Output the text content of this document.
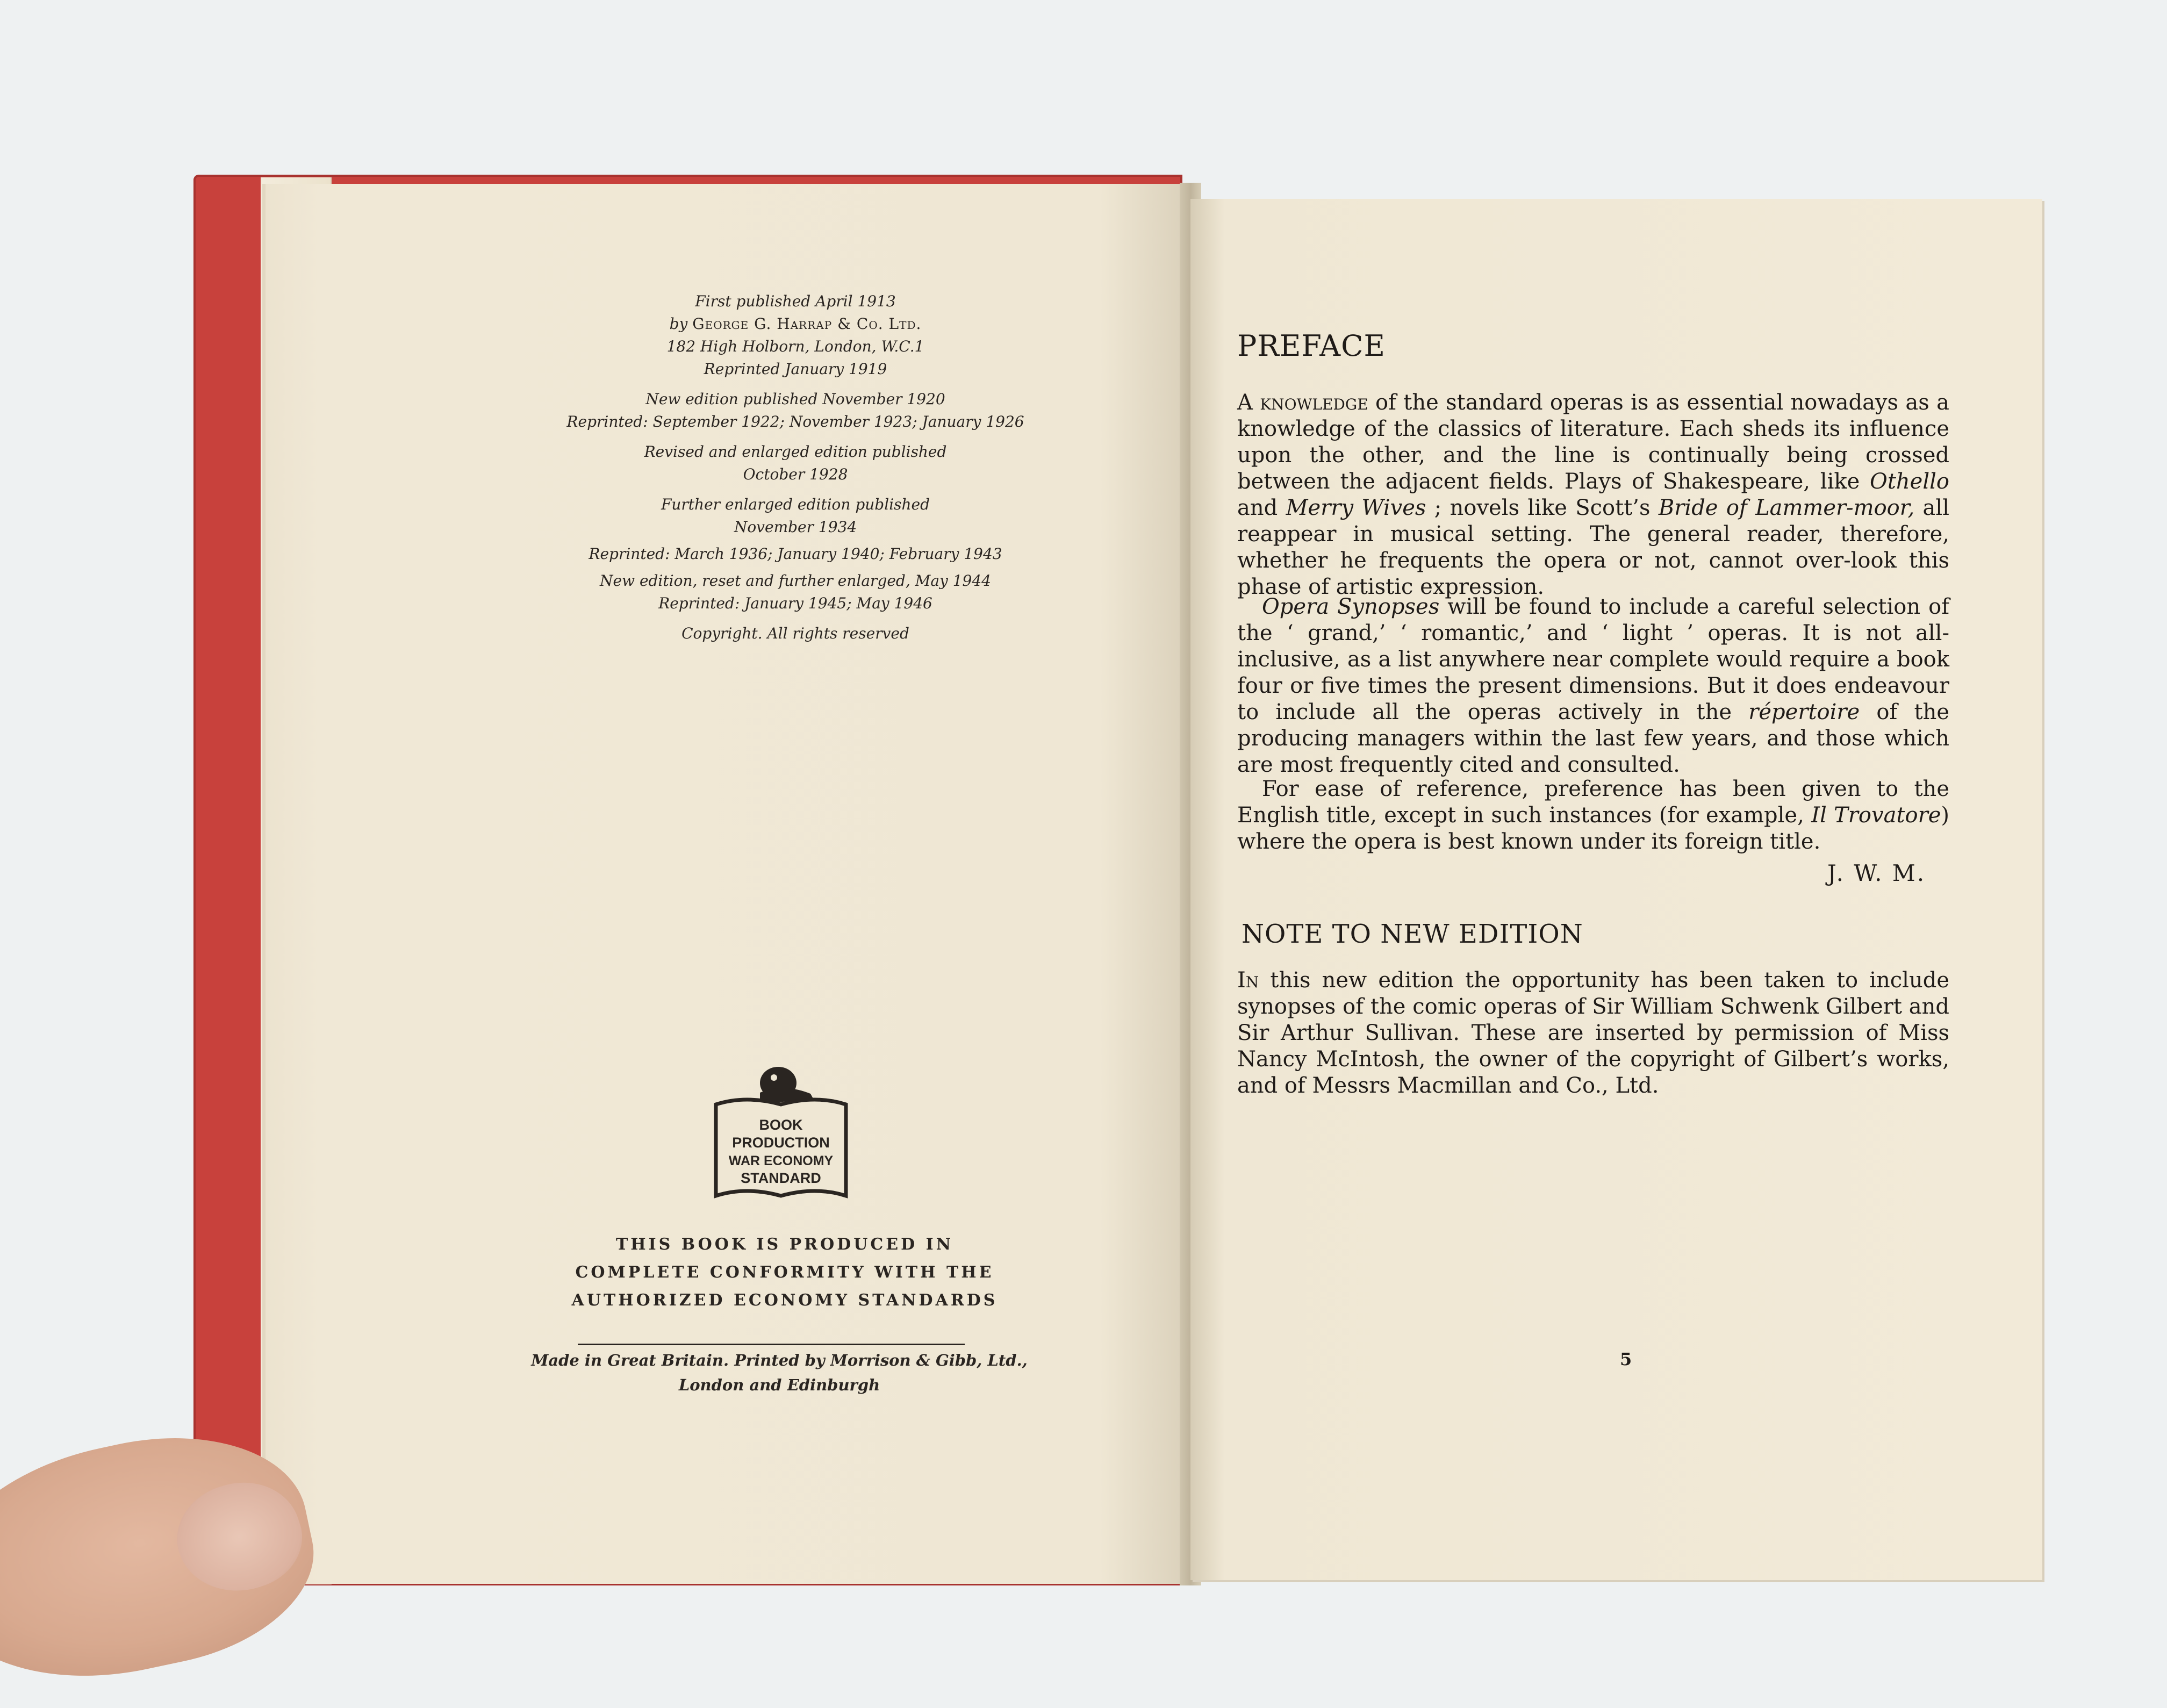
First published April 1913

by George G. Harrap & Co. Ltd.

182 High Holborn, London, W.C.1

Reprinted January 1919

New edition published November 1920

Reprinted: September 1922; November 1923; January 1926

Revised and enlarged edition published

October 1928

Further enlarged edition published

November 1934

Reprinted: March 1936; January 1940; February 1943

New edition, reset and further enlarged, May 1944

Reprinted: January 1945; May 1946

Copyright. All rights reserved

BOOK
PRODUCTION
WAR ECONOMY
STANDARD
THIS BOOK IS PRODUCED IN
COMPLETE CONFORMITY WITH THE
AUTHORIZED ECONOMY STANDARDS
Made in Great Britain. Printed by Morrison & Gibb, Ltd.,
London and Edinburgh
PREFACE
A knowledge of the standard operas is as essential nowadays as a knowledge of the classics of literature. Each sheds its influence upon the other, and the line is continually being crossed between the adjacent fields. Plays of Shakespeare, like Othello and Merry Wives ; novels like Scott’s Bride of Lammer-moor, all reappear in musical setting. The general reader, therefore, whether he frequents the opera or not, cannot over-look this phase of artistic expression.
Opera Synopses will be found to include a careful selection of the ‘ grand,’ ‘ romantic,’ and ‘ light ’ operas. It is not all-inclusive, as a list anywhere near complete would require a book four or five times the present dimensions. But it does endeavour to include all the operas actively in the répertoire of the producing managers within the last few years, and those which are most frequently cited and consulted.
For ease of reference, preference has been given to the English title, except in such instances (for example, Il Trovatore) where the opera is best known under its foreign title.
J. W. M.
NOTE TO NEW EDITION
In this new edition the opportunity has been taken to include synopses of the comic operas of Sir William Schwenk Gilbert and Sir Arthur Sullivan. These are inserted by permission of Miss Nancy McIntosh, the owner of the copyright of Gilbert’s works, and of Messrs Macmillan and Co., Ltd.
5
